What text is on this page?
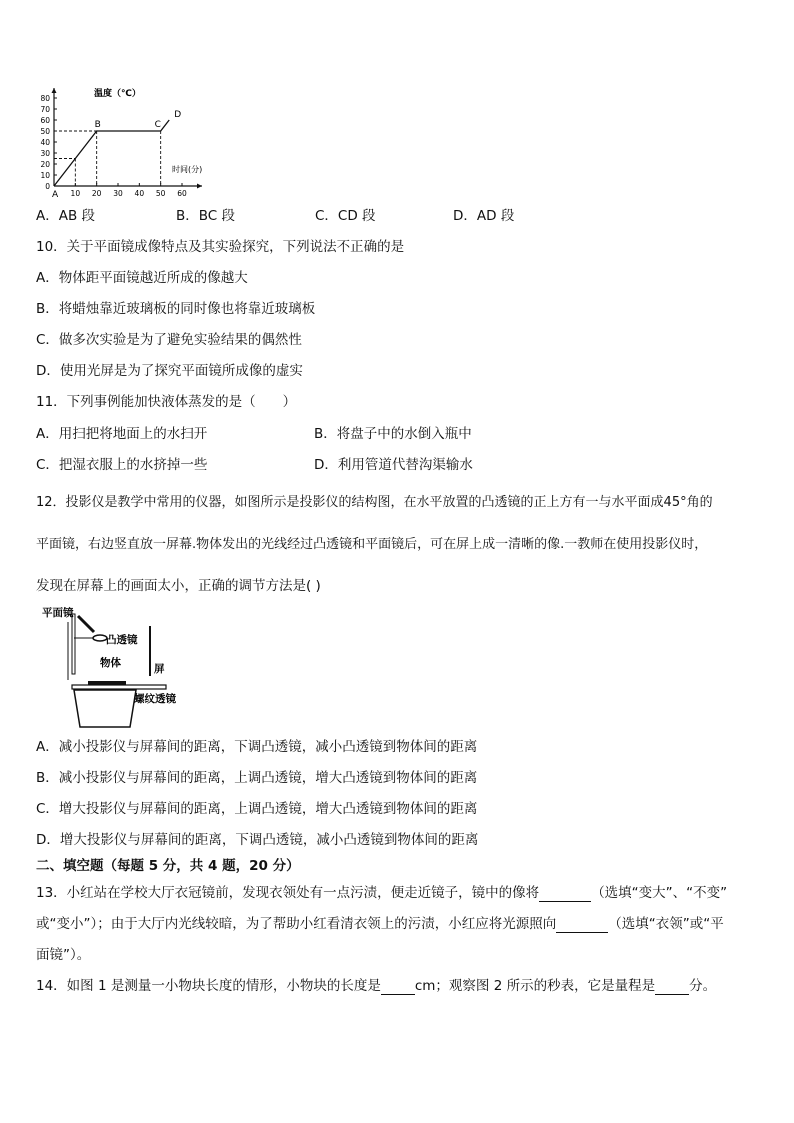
温度（℃）
时间(分)
0
10
20
30
40
50
60
70
80
10 20 30 40 50 60
A
B	C
D
A．AB 段	B．BC 段	C．CD 段	D．AD 段
10．关于平面镜成像特点及其实验探究，下列说法不正确的是
A．物体距平面镜越近所成的像越大
B．将蜡烛靠近玻璃板的同时像也将靠近玻璃板
C．做多次实验是为了避免实验结果的偶然性
D．使用光屏是为了探究平面镜所成像的虚实
11．下列事例能加快液体蒸发的是（　　）
A．用扫把将地面上的水扫开	B．将盘子中的水倒入瓶中
C．把湿衣服上的水挤掉一些	D．利用管道代替沟渠输水
12．投影仪是教学中常用的仪器，如图所示是投影仪的结构图，在水平放置的凸透镜的正上方有一与水平面成45°角的
平面镜，右边竖直放一屏幕.物体发出的光线经过凸透镜和平面镜后，可在屏上成一清晰的像.一教师在使用投影仪时，
发现在屏幕上的画面太小，正确的调节方法是( )
平面镜
凸透镜
物体	屏
螺纹透镜
A．减小投影仪与屏幕间的距离，下调凸透镜，减小凸透镜到物体间的距离
B．减小投影仪与屏幕间的距离，上调凸透镜，增大凸透镜到物体间的距离
C．增大投影仪与屏幕间的距离，上调凸透镜，增大凸透镜到物体间的距离
D．增大投影仪与屏幕间的距离，下调凸透镜，减小凸透镜到物体间的距离
二、填空题（每题 5 分，共 4 题，20 分）
13．小红站在学校大厅衣冠镜前，发现衣领处有一点污渍，便走近镜子，镜中的像将	（选填“变大”、“不变”
或“变小”）；由于大厅内光线较暗，为了帮助小红看清衣领上的污渍，小红应将光源照向	（选填“衣领”或“平
面镜”）。
14．如图 1 是测量一小物块长度的情形，小物块的长度是	cm；观察图 2 所示的秒表，它是量程是	分。
